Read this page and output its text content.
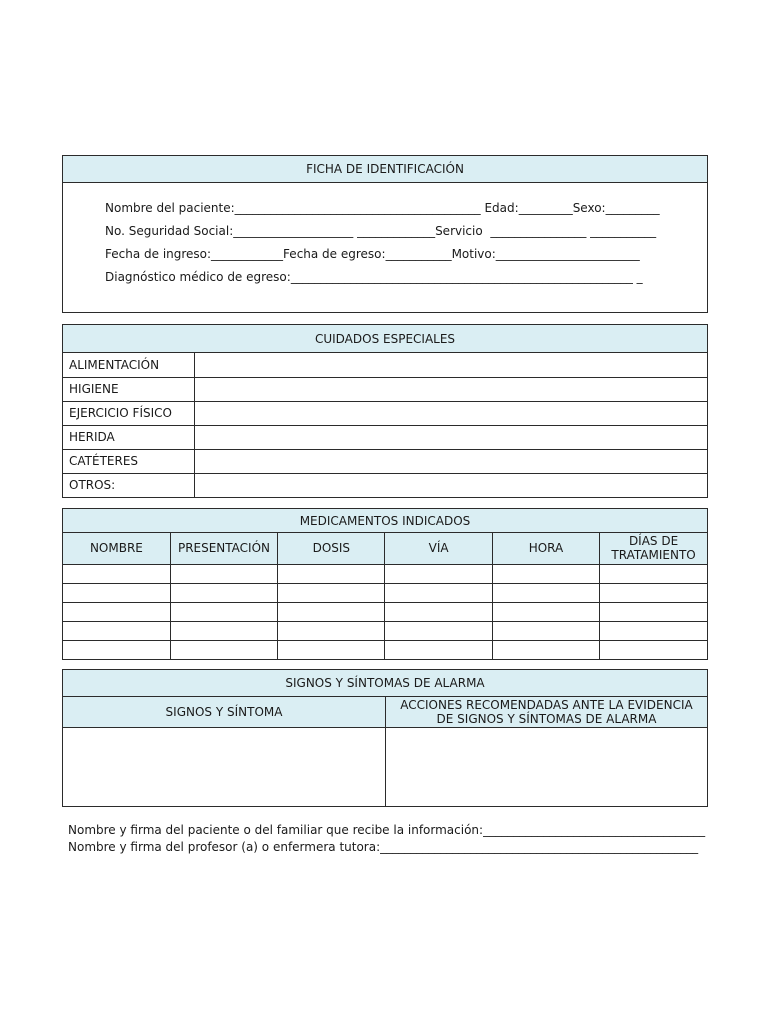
FICHA DE IDENTIFICACIÓN
Nombre del paciente:_________________________________________ Edad:_________Sexo:_________
No. Seguridad Social:____________________ _____________Servicio  ________________ ___________
Fecha de ingreso:____________Fecha de egreso:___________Motivo:________________________
Diagnóstico médico de egreso:_________________________________________________________ _
CUIDADOS ESPECIALES
ALIMENTACIÓN	
HIGIENE	
EJERCICIO FÍSICO	
HERIDA	
CATÉTERES	
OTROS:	
MEDICAMENTOS INDICADOS
NOMBRE	PRESENTACIÓN	DOSIS	VÍA	HORA	DÍAS DE TRATAMIENTO

SIGNOS Y SÍNTOMAS DE ALARMA
SIGNOS Y SÍNTOMA	ACCIONES RECOMENDADAS ANTE LA EVIDENCIA DE SIGNOS Y SÍNTOMAS DE ALARMA
Nombre y firma del paciente o del familiar que recibe la información:_____________________________________
Nombre y firma del profesor (a) o enfermera tutora:_____________________________________________________
